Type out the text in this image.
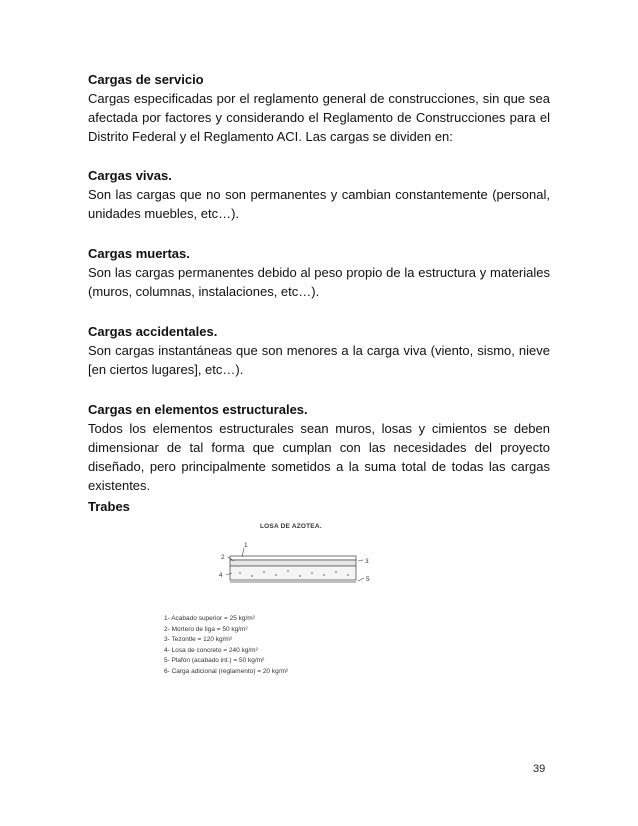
Cargas de servicio

Cargas especificadas por el reglamento general de construcciones, sin que sea afectada por factores y considerando el Reglamento de Construcciones para el Distrito Federal y el Reglamento ACI. Las cargas se dividen en:

Cargas vivas.

Son las cargas que no son permanentes y cambian constantemente (personal, unidades muebles, etc…).

Cargas muertas.

Son las cargas permanentes debido al peso propio de la estructura y materiales (muros, columnas, instalaciones, etc…).

Cargas accidentales.

Son cargas instantáneas que son menores a la carga viva (viento, sismo, nieve [en ciertos lugares], etc…).

Cargas en elementos estructurales.

Todos los elementos estructurales sean muros, losas y cimientos se deben dimensionar de tal forma que cumplan con las necesidades del proyecto diseñado, pero principalmente sometidos a la suma total de todas las cargas existentes.

Trabes
LOSA DE AZOTEA.
1
2
3
4
5
1- Acabado superior = 25 kg/m²
2- Mortero de liga = 50 kg/m²
3- Tezontle = 120 kg/m²
4- Losa de concreto = 240 kg/m²
5- Plafón (acabado int.) = 50 kg/m²
6- Carga adicional (reglamento) = 20 kg/m²
39
